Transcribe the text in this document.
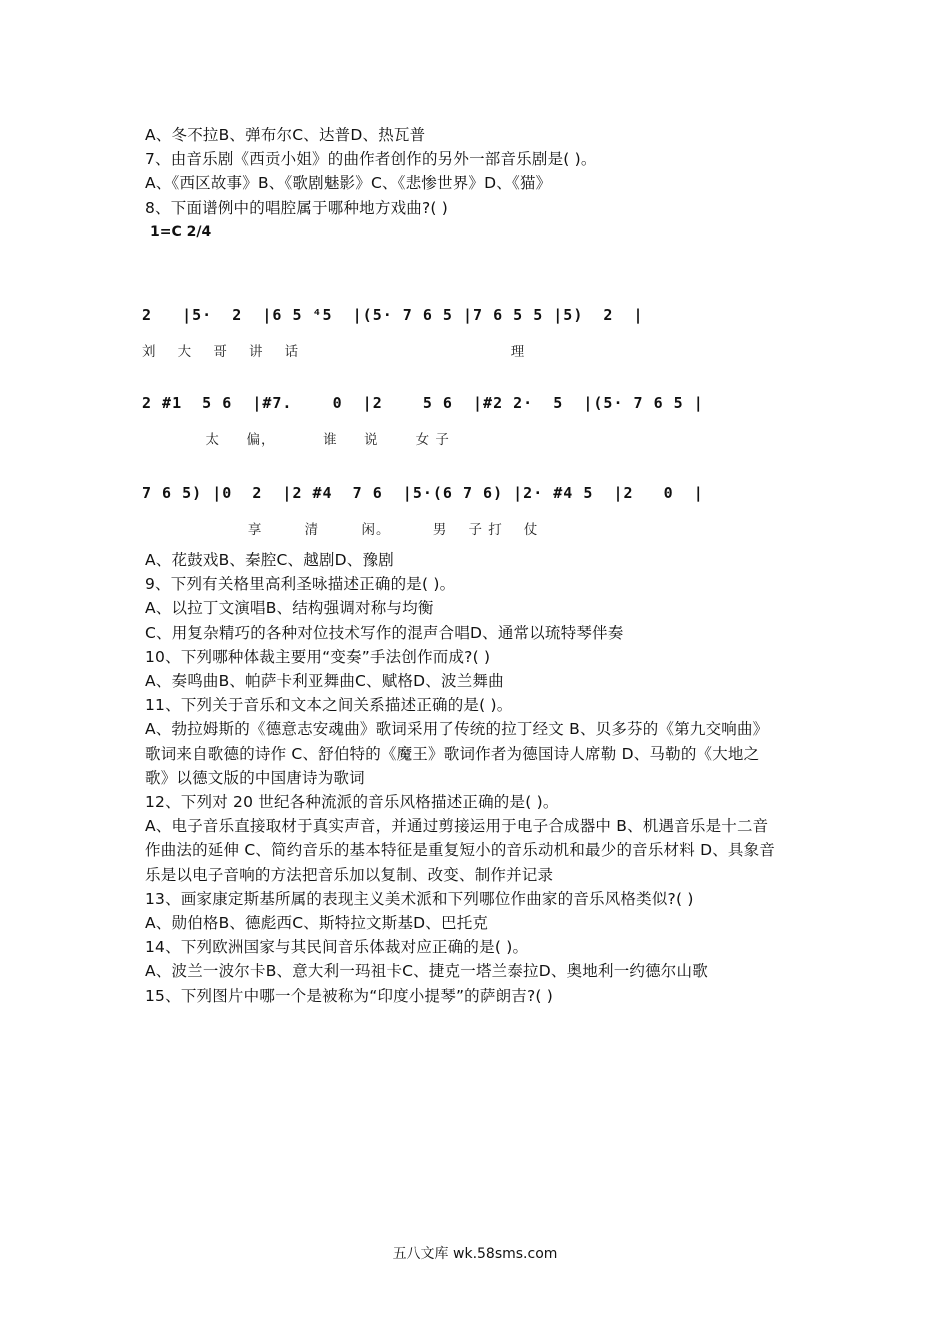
A、冬不拉B、弹布尔C、达普D、热瓦普
7、由音乐剧《西贡小姐》的曲作者创作的另外一部音乐剧是( )。
A、《西区故事》B、《歌剧魅影》C、《悲惨世界》D、《猫》
8、下面谱例中的唱腔属于哪种地方戏曲?( )
1=C 2/4
2   |5·  2  |6 5 ⁴5  |(5· 7 6 5 |7 6 5 5 |5)  2  |
刘    大    哥    讲    话                                        理
2 #1  5 6  |#7.    0  |2    5 6  |#2 2·  5  |(5· 7 6 5 |
太     偏，         谁     说       女 子
7 6 5) |0  2  |2 #4  7 6  |5·(6 7 6) |2· #4 5  |2   0  |
享        清        闲。        男    子 打    仗
A、花鼓戏B、秦腔C、越剧D、豫剧
9、下列有关格里高利圣咏描述正确的是( )。
A、以拉丁文演唱B、结构强调对称与均衡
C、用复杂精巧的各种对位技术写作的混声合唱D、通常以琉特琴伴奏
10、下列哪种体裁主要用“变奏”手法创作而成?( )
A、奏鸣曲B、帕萨卡利亚舞曲C、赋格D、波兰舞曲
11、下列关于音乐和文本之间关系描述正确的是( )。
A、勃拉姆斯的《德意志安魂曲》歌词采用了传统的拉丁经文 B、贝多芬的《第九交响曲》
歌词来自歌德的诗作 C、舒伯特的《魔王》歌词作者为德国诗人席勒 D、马勒的《大地之
歌》以德文版的中国唐诗为歌词
12、下列对 20 世纪各种流派的音乐风格描述正确的是( )。
A、电子音乐直接取材于真实声音，并通过剪接运用于电子合成器中 B、机遇音乐是十二音
作曲法的延伸 C、简约音乐的基本特征是重复短小的音乐动机和最少的音乐材料 D、具象音
乐是以电子音响的方法把音乐加以复制、改变、制作并记录
13、画家康定斯基所属的表现主义美术派和下列哪位作曲家的音乐风格类似?( )
A、勋伯格B、德彪西C、斯特拉文斯基D、巴托克
14、下列欧洲国家与其民间音乐体裁对应正确的是( )。
A、波兰一波尔卡B、意大利一玛祖卡C、捷克一塔兰泰拉D、奥地利一约德尔山歌
15、下列图片中哪一个是被称为“印度小提琴”的萨朗吉?( )
五八文库 wk.58sms.com
